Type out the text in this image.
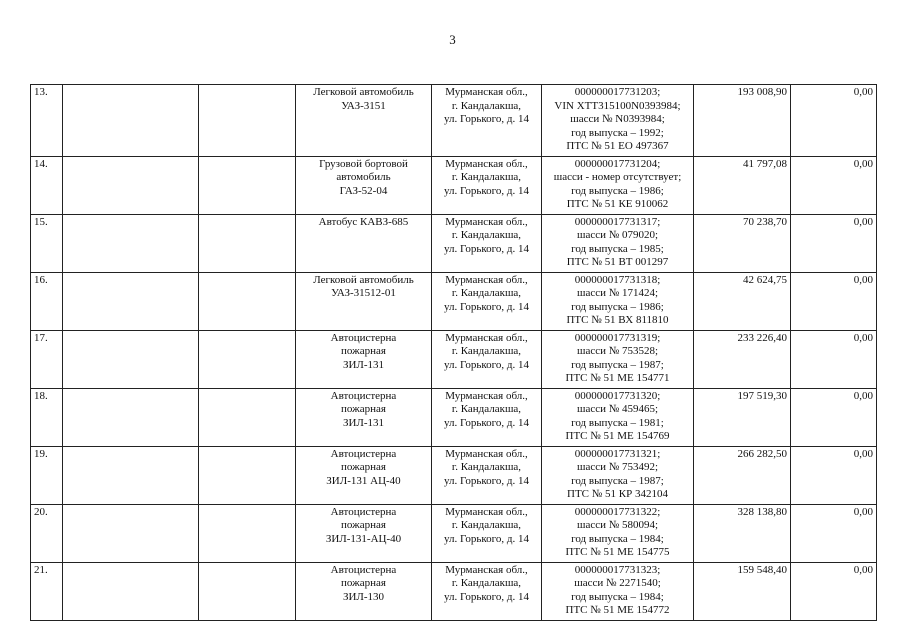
3
13.			Легковой автомобиль
УАЗ-3151	Мурманская обл.,
г. Кандалакша,
ул. Горького, д. 14	000000017731203;
VIN XTT315100N0393984;
шасси № N0393984;
год выпуска – 1992;
ПТС № 51 ЕО 497367	193 008,90	0,00
14.			Грузовой бортовой
автомобиль
ГАЗ-52-04	Мурманская обл.,
г. Кандалакша,
ул. Горького, д. 14	000000017731204;
шасси - номер отсутствует;
год выпуска – 1986;
ПТС № 51 КЕ 910062	41 797,08	0,00
15.			Автобус КАВЗ-685	Мурманская обл.,
г. Кандалакша,
ул. Горького, д. 14	000000017731317;
шасси № 079020;
год выпуска – 1985;
ПТС № 51 ВТ 001297	70 238,70	0,00
16.			Легковой автомобиль
УАЗ-31512-01	Мурманская обл.,
г. Кандалакша,
ул. Горького, д. 14	000000017731318;
шасси № 171424;
год выпуска – 1986;
ПТС № 51 ВХ 811810	42 624,75	0,00
17.			Автоцистерна
пожарная
ЗИЛ-131	Мурманская обл.,
г. Кандалакша,
ул. Горького, д. 14	000000017731319;
шасси № 753528;
год выпуска – 1987;
ПТС № 51 МЕ 154771	233 226,40	0,00
18.			Автоцистерна
пожарная
ЗИЛ-131	Мурманская обл.,
г. Кандалакша,
ул. Горького, д. 14	000000017731320;
шасси № 459465;
год выпуска – 1981;
ПТС № 51 МЕ 154769	197 519,30	0,00
19.			Автоцистерна
пожарная
ЗИЛ-131 АЦ-40	Мурманская обл.,
г. Кандалакша,
ул. Горького, д. 14	000000017731321;
шасси № 753492;
год выпуска – 1987;
ПТС № 51 КР 342104	266 282,50	0,00
20.			Автоцистерна
пожарная
ЗИЛ-131-АЦ-40	Мурманская обл.,
г. Кандалакша,
ул. Горького, д. 14	000000017731322;
шасси № 580094;
год выпуска – 1984;
ПТС № 51 МЕ 154775	328 138,80	0,00
21.			Автоцистерна
пожарная
ЗИЛ-130	Мурманская обл.,
г. Кандалакша,
ул. Горького, д. 14	000000017731323;
шасси № 2271540;
год выпуска – 1984;
ПТС № 51 МЕ 154772	159 548,40	0,00
